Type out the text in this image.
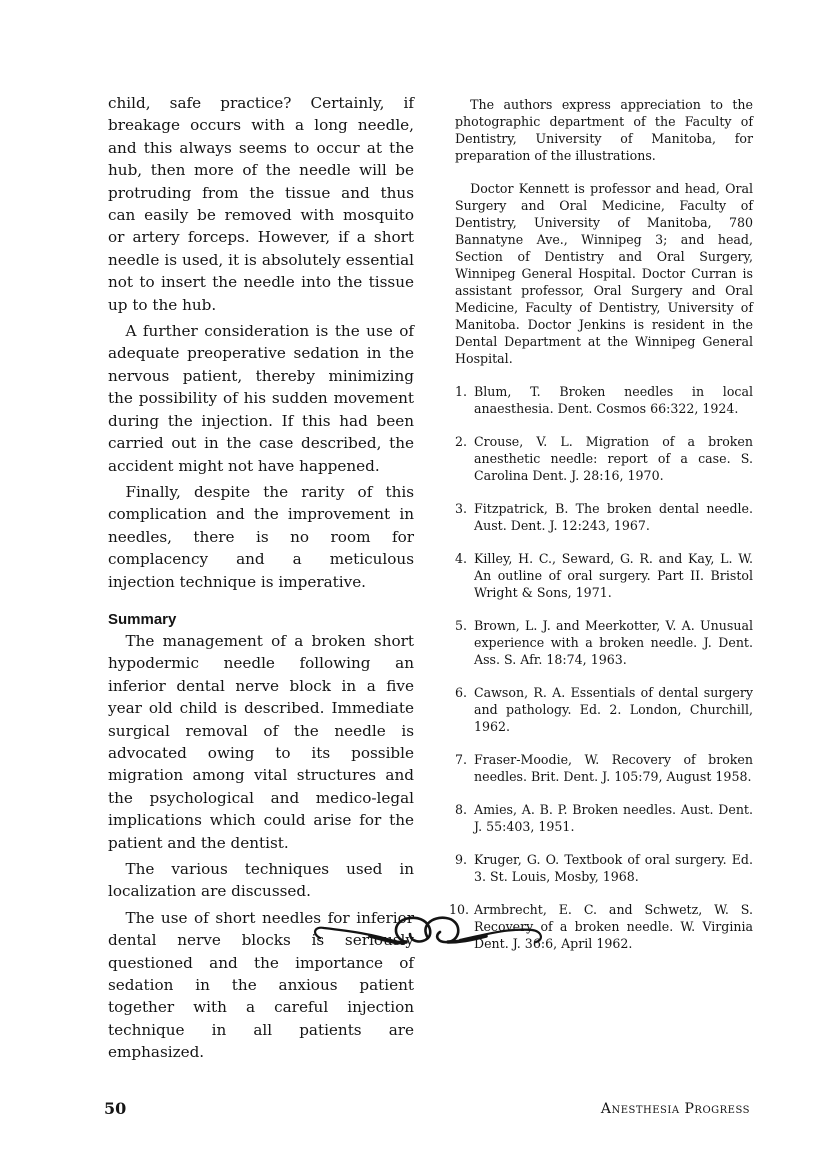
child, safe practice? Certainly, if breakage occurs with a long needle, and this always seems to occur at the hub, then more of the needle will be protruding from the tissue and thus can easily be removed with mosquito or artery forceps. However, if a short needle is used, it is absolutely essential not to insert the needle into the tissue up to the hub.

A further consideration is the use of adequate preoperative sedation in the nervous patient, thereby minimizing the possibility of his sudden movement during the injection. If this had been carried out in the case described, the accident might not have happened.

Finally, despite the rarity of this complication and the improvement in needles, there is no room for complacency and a meticulous injection technique is imperative.

Summary

The management of a broken short hypodermic needle following an inferior dental nerve block in a five year old child is described. Immediate surgical removal of the needle is advocated owing to its possible migration among vital structures and the psychological and medico-legal implications which could arise for the patient and the dentist.

The various techniques used in localization are discussed.

The use of short needles for inferior dental nerve blocks is seriously questioned and the importance of sedation in the anxious patient together with a careful injection technique in all patients are emphasized.

The authors express appreciation to the photographic department of the Faculty of Dentistry, University of Manitoba, for preparation of the illustrations.

Doctor Kennett is professor and head, Oral Surgery and Oral Medicine, Faculty of Dentistry, University of Manitoba, 780 Bannatyne Ave., Winnipeg 3; and head, Section of Dentistry and Oral Surgery, Winnipeg General Hospital. Doctor Curran is assistant professor, Oral Surgery and Oral Medicine, Faculty of Dentistry, University of Manitoba. Doctor Jenkins is resident in the Dental Department at the Winnipeg General Hospital.

1. Blum, T. Broken needles in local anaesthesia. Dent. Cosmos 66:322, 1924.
2. Crouse, V. L. Migration of a broken anesthetic needle: report of a case. S. Carolina Dent. J. 28:16, 1970.
3. Fitzpatrick, B. The broken dental needle. Aust. Dent. J. 12:243, 1967.
4. Killey, H. C., Seward, G. R. and Kay, L. W. An outline of oral surgery. Part II. Bristol Wright & Sons, 1971.
5. Brown, L. J. and Meerkotter, V. A. Unusual experience with a broken needle. J. Dent. Ass. S. Afr. 18:74, 1963.
6. Cawson, R. A. Essentials of dental surgery and pathology. Ed. 2. London, Churchill, 1962.
7. Fraser-Moodie, W. Recovery of broken needles. Brit. Dent. J. 105:79, August 1958.
8. Amies, A. B. P. Broken needles. Aust. Dent. J. 55:403, 1951.
9. Kruger, G. O. Textbook of oral surgery. Ed. 3. St. Louis, Mosby, 1968.
10. Armbrecht, E. C. and Schwetz, W. S. Recovery of a broken needle. W. Virginia Dent. J. 36:6, April 1962.
50	Anesthesia Progress
